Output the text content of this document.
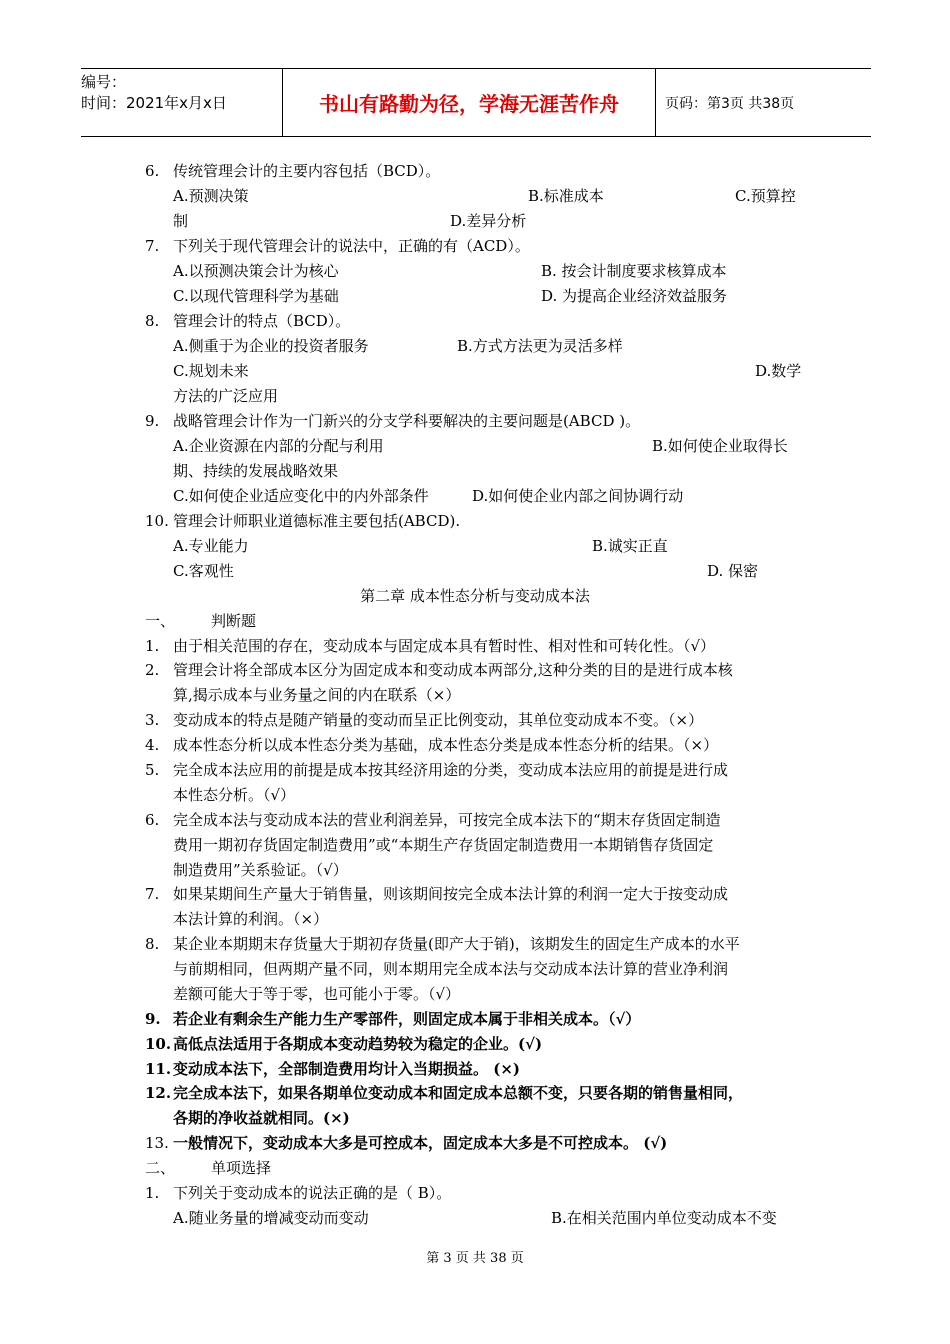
编号：
时间：2021年x月x日	书山有路勤为径，学海无涯苦作舟	页码：第3页 共38页
6. 传统管理会计的主要内容包括（BCD）。
A.预测决策	B.标准成本	C.预算控
制	D.差异分析
7. 下列关于现代管理会计的说法中，正确的有（ACD）。
A.以预测决策会计为核心	B. 按会计制度要求核算成本
C.以现代管理科学为基础	D. 为提高企业经济效益服务
8. 管理会计的特点（BCD）。
A.侧重于为企业的投资者服务	B.方式方法更为灵活多样
C.规划未来	D.数学
方法的广泛应用
9. 战略管理会计作为一门新兴的分支学科要解决的主要问题是(ABCD )。
A.企业资源在内部的分配与利用	B.如何使企业取得长
期、持续的发展战略效果
C.如何使企业适应变化中的内外部条件	D.如何使企业内部之间协调行动
10. 管理会计师职业道德标准主要包括(ABCD).
A.专业能力	B.诚实正直
C.客观性	D. 保密
第二章 成本性态分析与变动成本法
一、 判断题
1. 由于相关范围的存在，变动成本与固定成本具有暂时性、相对性和可转化性。（√）
2. 管理会计将全部成本区分为固定成本和变动成本两部分,这种分类的目的是进行成本核
算,揭示成本与业务量之间的内在联系（×）
3. 变动成本的特点是随产销量的变动而呈正比例变动，其单位变动成本不变。（×）
4. 成本性态分析以成本性态分类为基础，成本性态分类是成本性态分析的结果。（×）
5. 完全成本法应用的前提是成本按其经济用途的分类，变动成本法应用的前提是进行成
本性态分析。（√）
6. 完全成本法与变动成本法的营业利润差异，可按完全成本法下的“期末存货固定制造
费用一期初存货固定制造费用”或“本期生产存货固定制造费用一本期销售存货固定
制造费用”关系验证。（√）
7. 如果某期间生产量大于销售量，则该期间按完全成本法计算的利润一定大于按变动成
本法计算的利润。（×）
8. 某企业本期期末存货量大于期初存货量(即产大于销)，该期发生的固定生产成本的水平
与前期相同，但两期产量不同，则本期用完全成本法与交动成本法计算的营业净利润
差额可能大于等于零，也可能小于零。（√）
9. 若企业有剩余生产能力生产零部件，则固定成本属于非相关成本。（√）
10. 高低点法适用于各期成本变动趋势较为稳定的企业。(√)
11. 变动成本法下，全部制造费用均计入当期损益。 (×)
12. 完全成本法下，如果各期单位变动成本和固定成本总额不变，只要各期的销售量相同，
各期的净收益就相同。(×)
13. 一般情况下，变动成本大多是可控成本，固定成本大多是不可控成本。 (√)
二、 单项选择
1. 下列关于变动成本的说法正确的是（ B）。
A.随业务量的增减变动而变动	B.在相关范围内单位变动成本不变
第 3 页 共 38 页
